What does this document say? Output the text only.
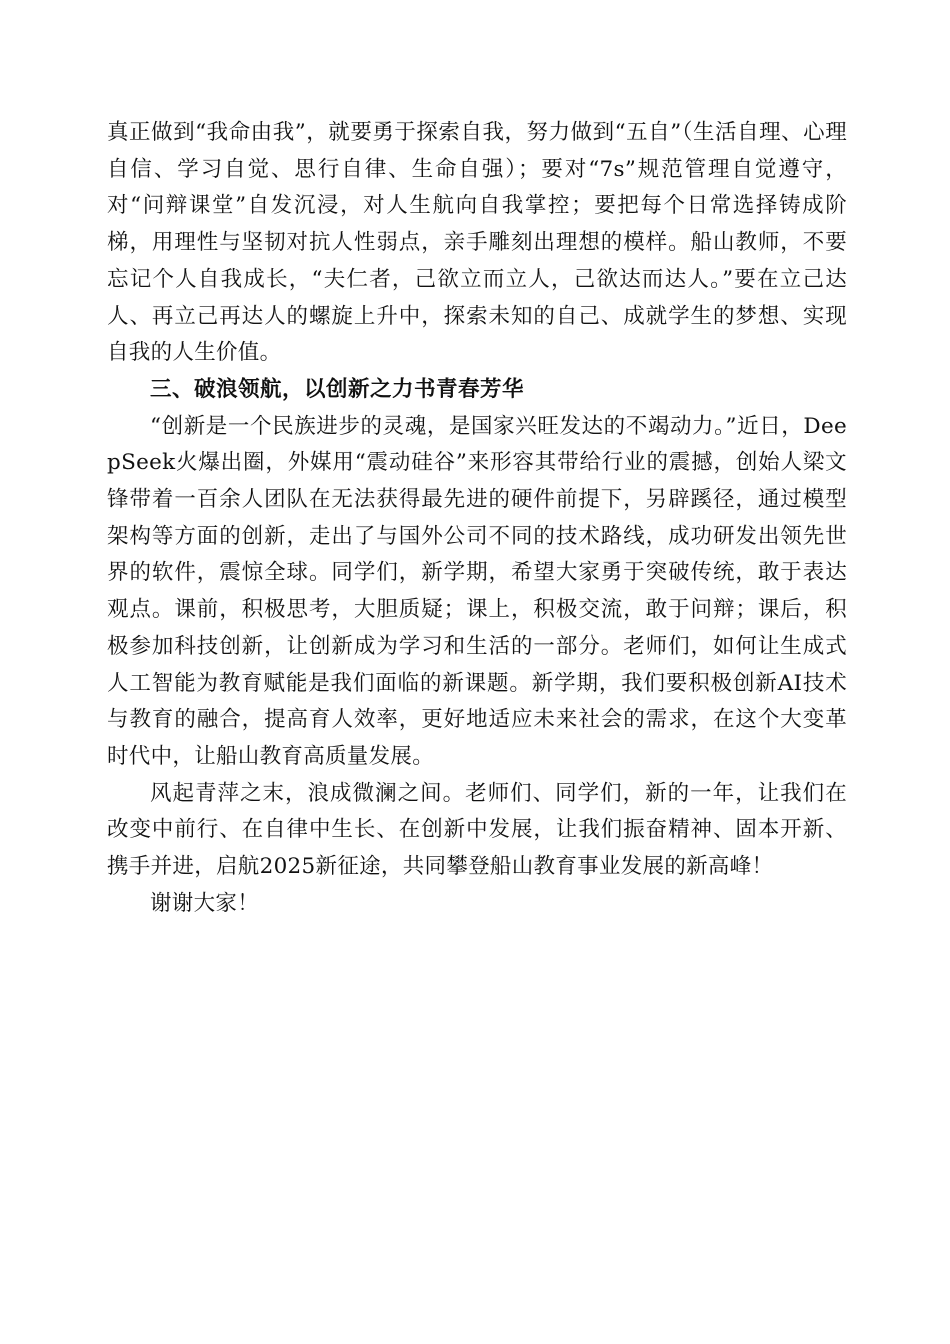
真正做到“我命由我”，就要勇于探索自我，努力做到“五自”（生活自理、心理自信、学习自觉、思行自律、生命自强）；要对“7s”规范管理自觉遵守，对“问辩课堂”自发沉浸，对人生航向自我掌控；要把每个日常选择铸成阶梯，用理性与坚韧对抗人性弱点，亲手雕刻出理想的模样。船山教师，不要忘记个人自我成长，“夫仁者，己欲立而立人，己欲达而达人。”要在立己达人、再立己再达人的螺旋上升中，探索未知的自己、成就学生的梦想、实现自我的人生价值。

三、破浪领航，以创新之力书青春芳华

“创新是一个民族进步的灵魂，是国家兴旺发达的不竭动力。”近日，DeepSeek火爆出圈，外媒用“震动硅谷”来形容其带给行业的震撼，创始人梁文锋带着一百余人团队在无法获得最先进的硬件前提下，另辟蹊径，通过模型架构等方面的创新，走出了与国外公司不同的技术路线，成功研发出领先世界的软件，震惊全球。同学们，新学期，希望大家勇于突破传统，敢于表达观点。课前，积极思考，大胆质疑；课上，积极交流，敢于问辩；课后，积极参加科技创新，让创新成为学习和生活的一部分。老师们，如何让生成式人工智能为教育赋能是我们面临的新课题。新学期，我们要积极创新AI技术与教育的融合，提高育人效率，更好地适应未来社会的需求，在这个大变革时代中，让船山教育高质量发展。

风起青萍之末，浪成微澜之间。老师们、同学们，新的一年，让我们在改变中前行、在自律中生长、在创新中发展，让我们振奋精神、固本开新、携手并进，启航2025新征途，共同攀登船山教育事业发展的新高峰！

谢谢大家！
